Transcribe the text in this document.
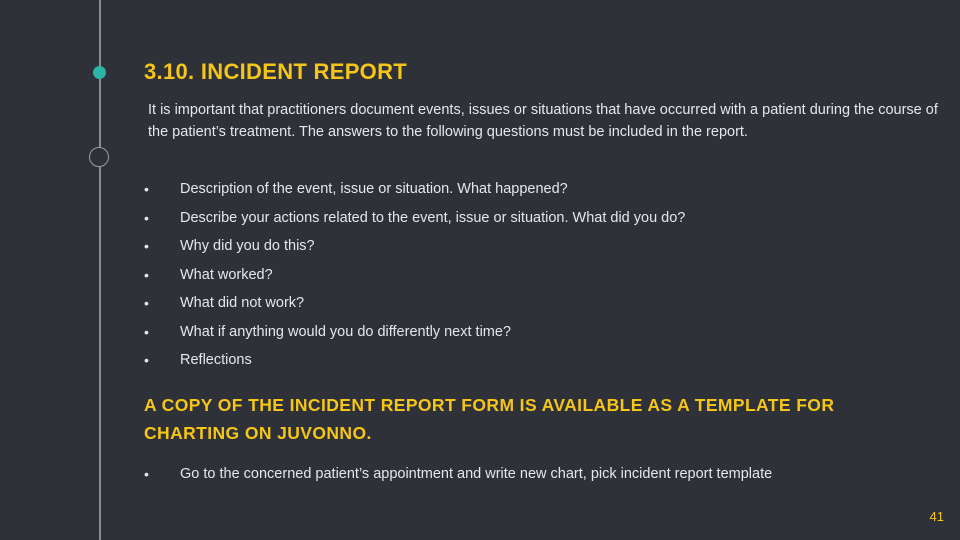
3.10. INCIDENT REPORT
It is important that practitioners document events, issues or situations that have occurred with a patient during the course of the patient’s treatment. The answers to the following questions must be included in the report.
•	Description of the event, issue or situation. What happened?
•	Describe your actions related to the event, issue or situation. What did you do?
•	Why did you do this?
•	What worked?
•	What did not work?
•	What if anything would you do differently next time?
•	Reflections
A COPY OF THE INCIDENT REPORT FORM IS AVAILABLE AS A TEMPLATE FOR CHARTING ON JUVONNO.
•	Go to the concerned patient’s appointment and write new chart, pick incident report template
41
